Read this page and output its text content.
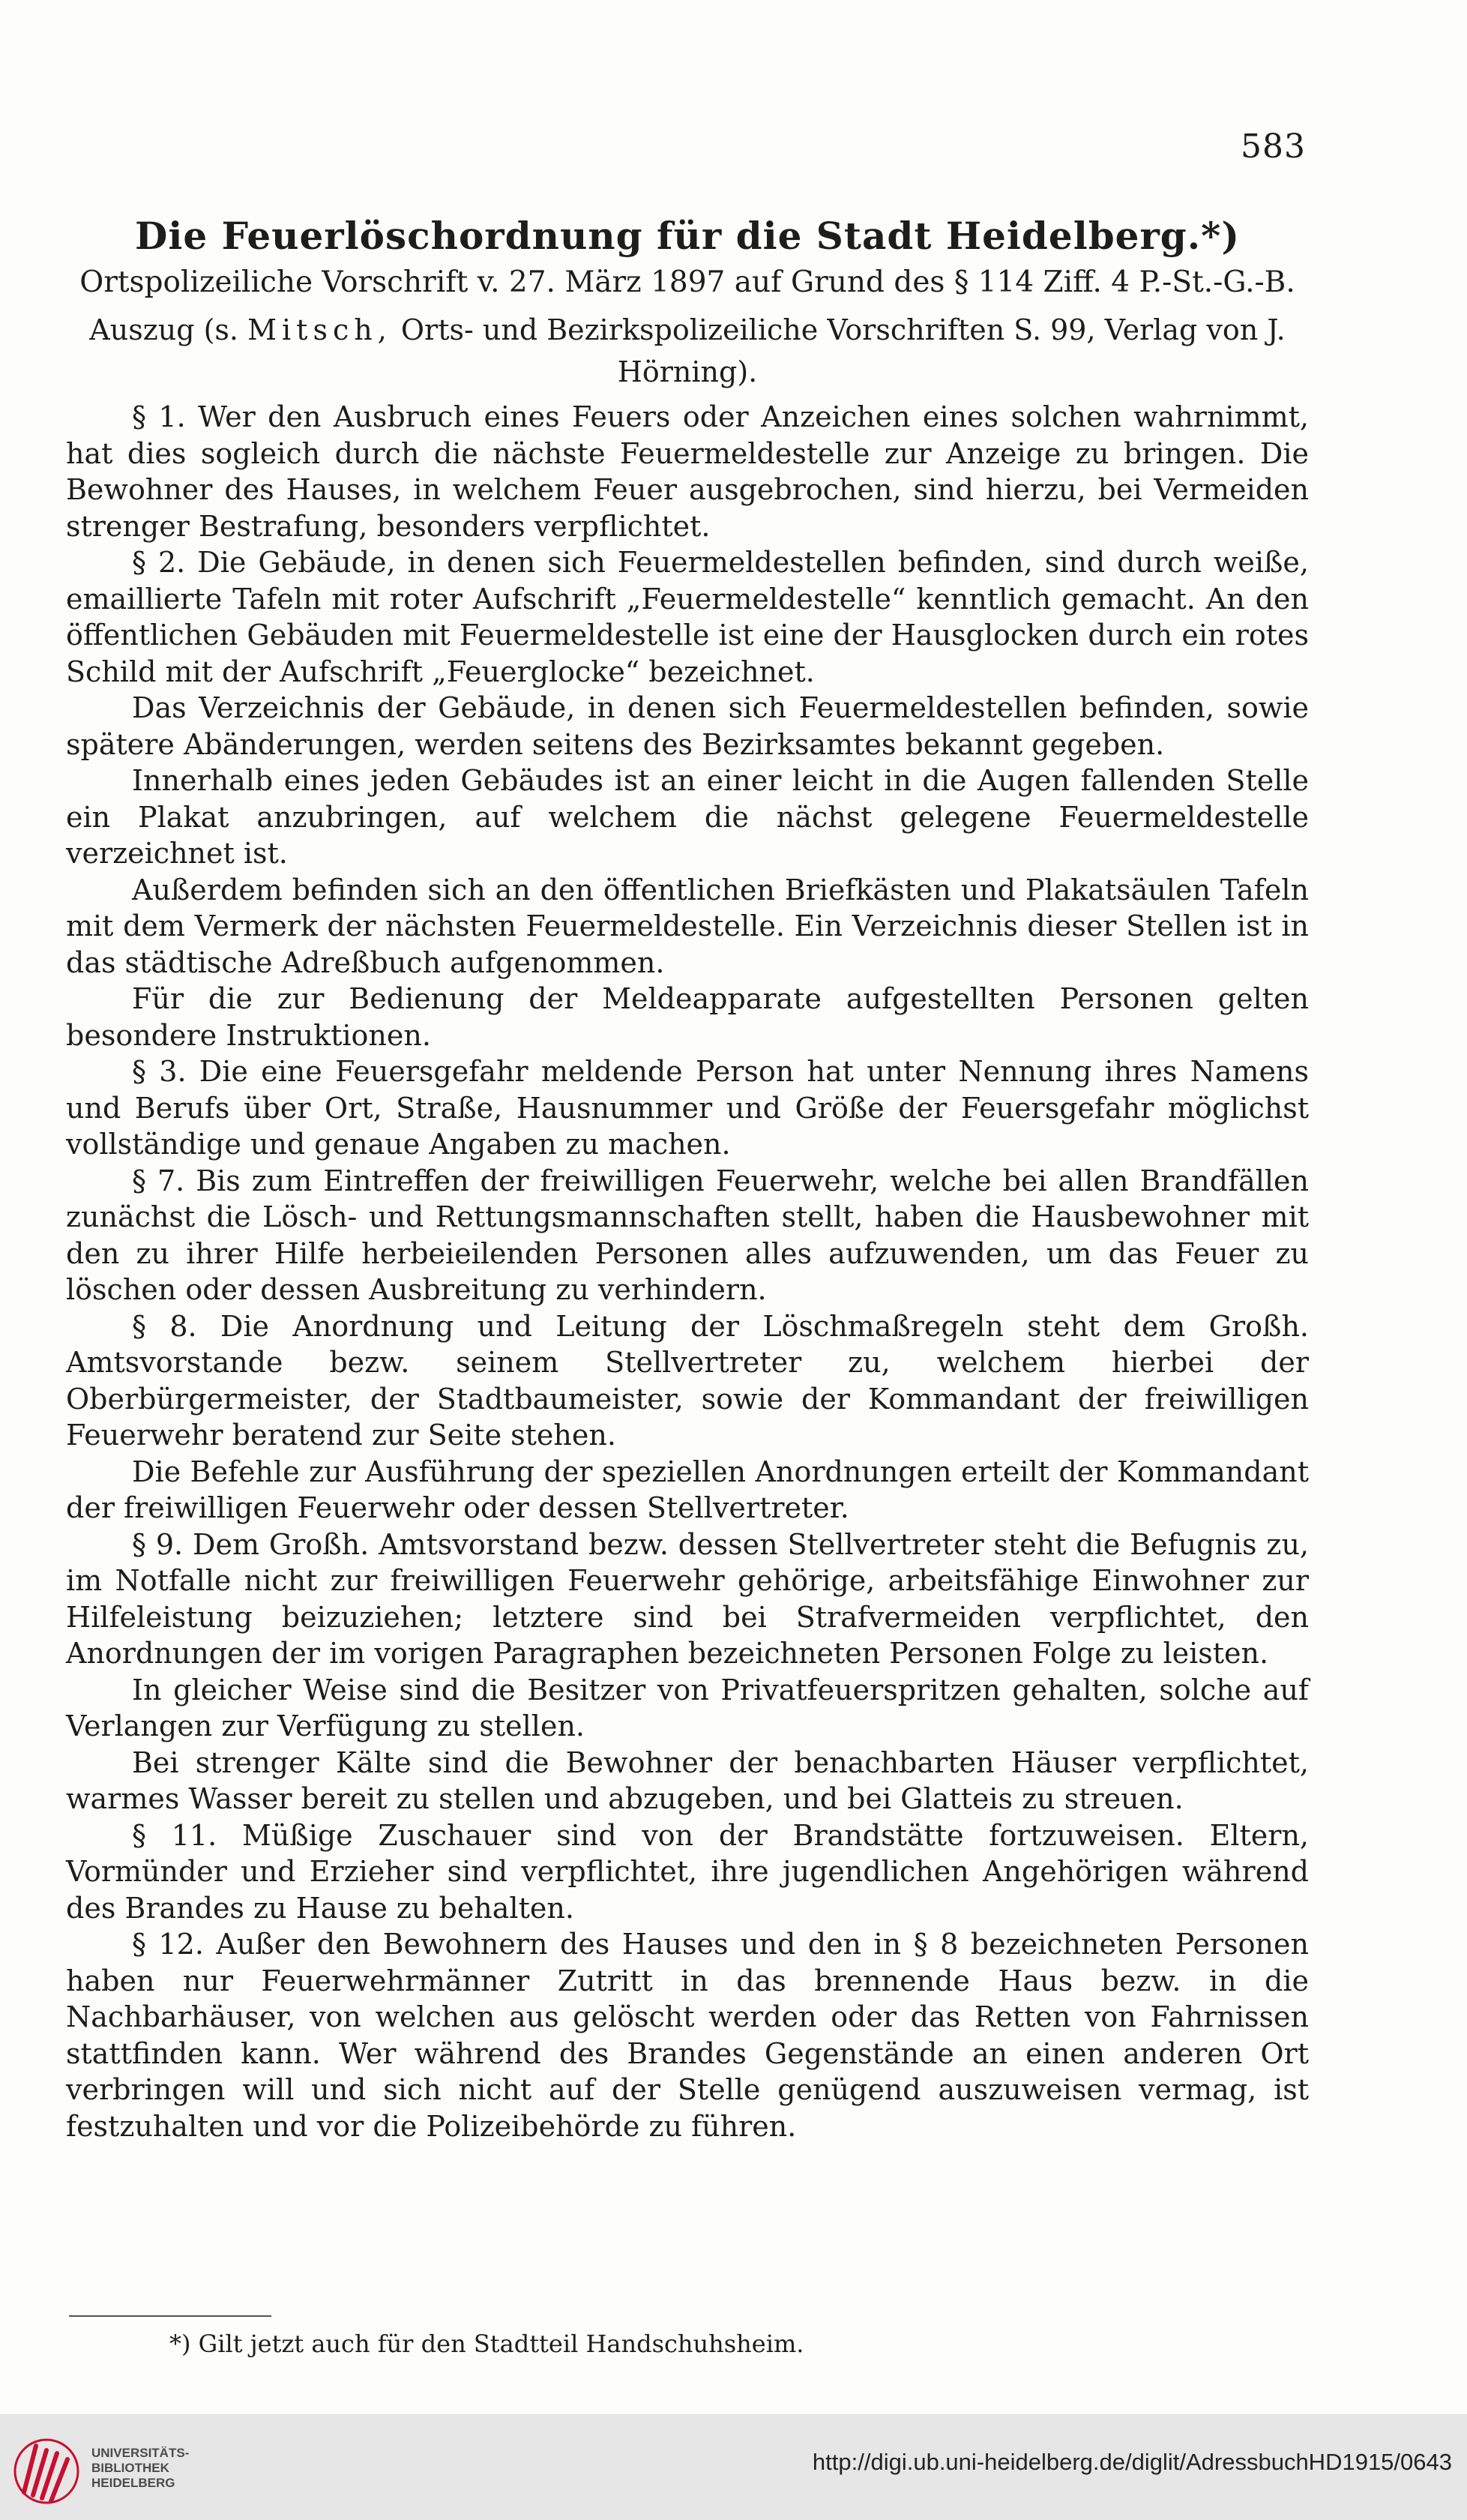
583
Die Feuerlöschordnung für die Stadt Heidelberg.*)

Ortspolizeiliche Vorschrift v. 27. März 1897 auf Grund des § 114 Ziff. 4 P.-St.-G.-B.

Auszug (s. Mitsch, Orts- und Bezirkspolizeiliche Vorschriften S. 99, Verlag von J. Hörning).

§ 1. Wer den Ausbruch eines Feuers oder Anzeichen eines solchen wahrnimmt, hat dies sogleich durch die nächste Feuermeldestelle zur Anzeige zu bringen. Die Bewohner des Hauses, in welchem Feuer ausgebrochen, sind hierzu, bei Vermeiden strenger Bestrafung, besonders verpflichtet.

§ 2. Die Gebäude, in denen sich Feuermeldestellen befinden, sind durch weiße, emaillierte Tafeln mit roter Aufschrift „Feuermeldestelle“ kenntlich gemacht. An den öffentlichen Gebäuden mit Feuermeldestelle ist eine der Hausglocken durch ein rotes Schild mit der Aufschrift „Feuerglocke“ bezeichnet.

Das Verzeichnis der Gebäude, in denen sich Feuermeldestellen befinden, sowie spätere Abänderungen, werden seitens des Bezirksamtes bekannt gegeben.

Innerhalb eines jeden Gebäudes ist an einer leicht in die Augen fallenden Stelle ein Plakat anzubringen, auf welchem die nächst gelegene Feuermeldestelle verzeichnet ist.

Außerdem befinden sich an den öffentlichen Briefkästen und Plakatsäulen Tafeln mit dem Vermerk der nächsten Feuermeldestelle. Ein Verzeichnis dieser Stellen ist in das städtische Adreßbuch aufgenommen.

Für die zur Bedienung der Meldeapparate aufgestellten Personen gelten besondere Instruktionen.

§ 3. Die eine Feuersgefahr meldende Person hat unter Nennung ihres Namens und Berufs über Ort, Straße, Hausnummer und Größe der Feuersgefahr möglichst vollständige und genaue Angaben zu machen.

§ 7. Bis zum Eintreffen der freiwilligen Feuerwehr, welche bei allen Brandfällen zunächst die Lösch- und Rettungsmannschaften stellt, haben die Hausbewohner mit den zu ihrer Hilfe herbeieilenden Personen alles aufzuwenden, um das Feuer zu löschen oder dessen Ausbreitung zu verhindern.

§ 8. Die Anordnung und Leitung der Löschmaßregeln steht dem Großh. Amtsvorstande bezw. seinem Stellvertreter zu, welchem hierbei der Oberbürgermeister, der Stadtbaumeister, sowie der Kommandant der freiwilligen Feuerwehr beratend zur Seite stehen.

Die Befehle zur Ausführung der speziellen Anordnungen erteilt der Kommandant der freiwilligen Feuerwehr oder dessen Stellvertreter.

§ 9. Dem Großh. Amtsvorstand bezw. dessen Stellvertreter steht die Befugnis zu, im Notfalle nicht zur freiwilligen Feuerwehr gehörige, arbeitsfähige Einwohner zur Hilfeleistung beizuziehen; letztere sind bei Strafvermeiden verpflichtet, den Anordnungen der im vorigen Paragraphen bezeichneten Personen Folge zu leisten.

In gleicher Weise sind die Besitzer von Privatfeuerspritzen gehalten, solche auf Verlangen zur Verfügung zu stellen.

Bei strenger Kälte sind die Bewohner der benachbarten Häuser verpflichtet, warmes Wasser bereit zu stellen und abzugeben, und bei Glatteis zu streuen.

§ 11. Müßige Zuschauer sind von der Brandstätte fortzuweisen. Eltern, Vormünder und Erzieher sind verpflichtet, ihre jugendlichen Angehörigen während des Brandes zu Hause zu behalten.

§ 12. Außer den Bewohnern des Hauses und den in § 8 bezeichneten Personen haben nur Feuerwehrmänner Zutritt in das brennende Haus bezw. in die Nachbarhäuser, von welchen aus gelöscht werden oder das Retten von Fahrnissen stattfinden kann. Wer während des Brandes Gegenstände an einen anderen Ort verbringen will und sich nicht auf der Stelle genügend auszuweisen vermag, ist festzuhalten und vor die Polizeibehörde zu führen.

*) Gilt jetzt auch für den Stadtteil Handschuhsheim.
UNIVERSITÄTS-
BIBLIOTHEK
HEIDELBERG
http://digi.ub.uni-heidelberg.de/diglit/AdressbuchHD1915/0643
